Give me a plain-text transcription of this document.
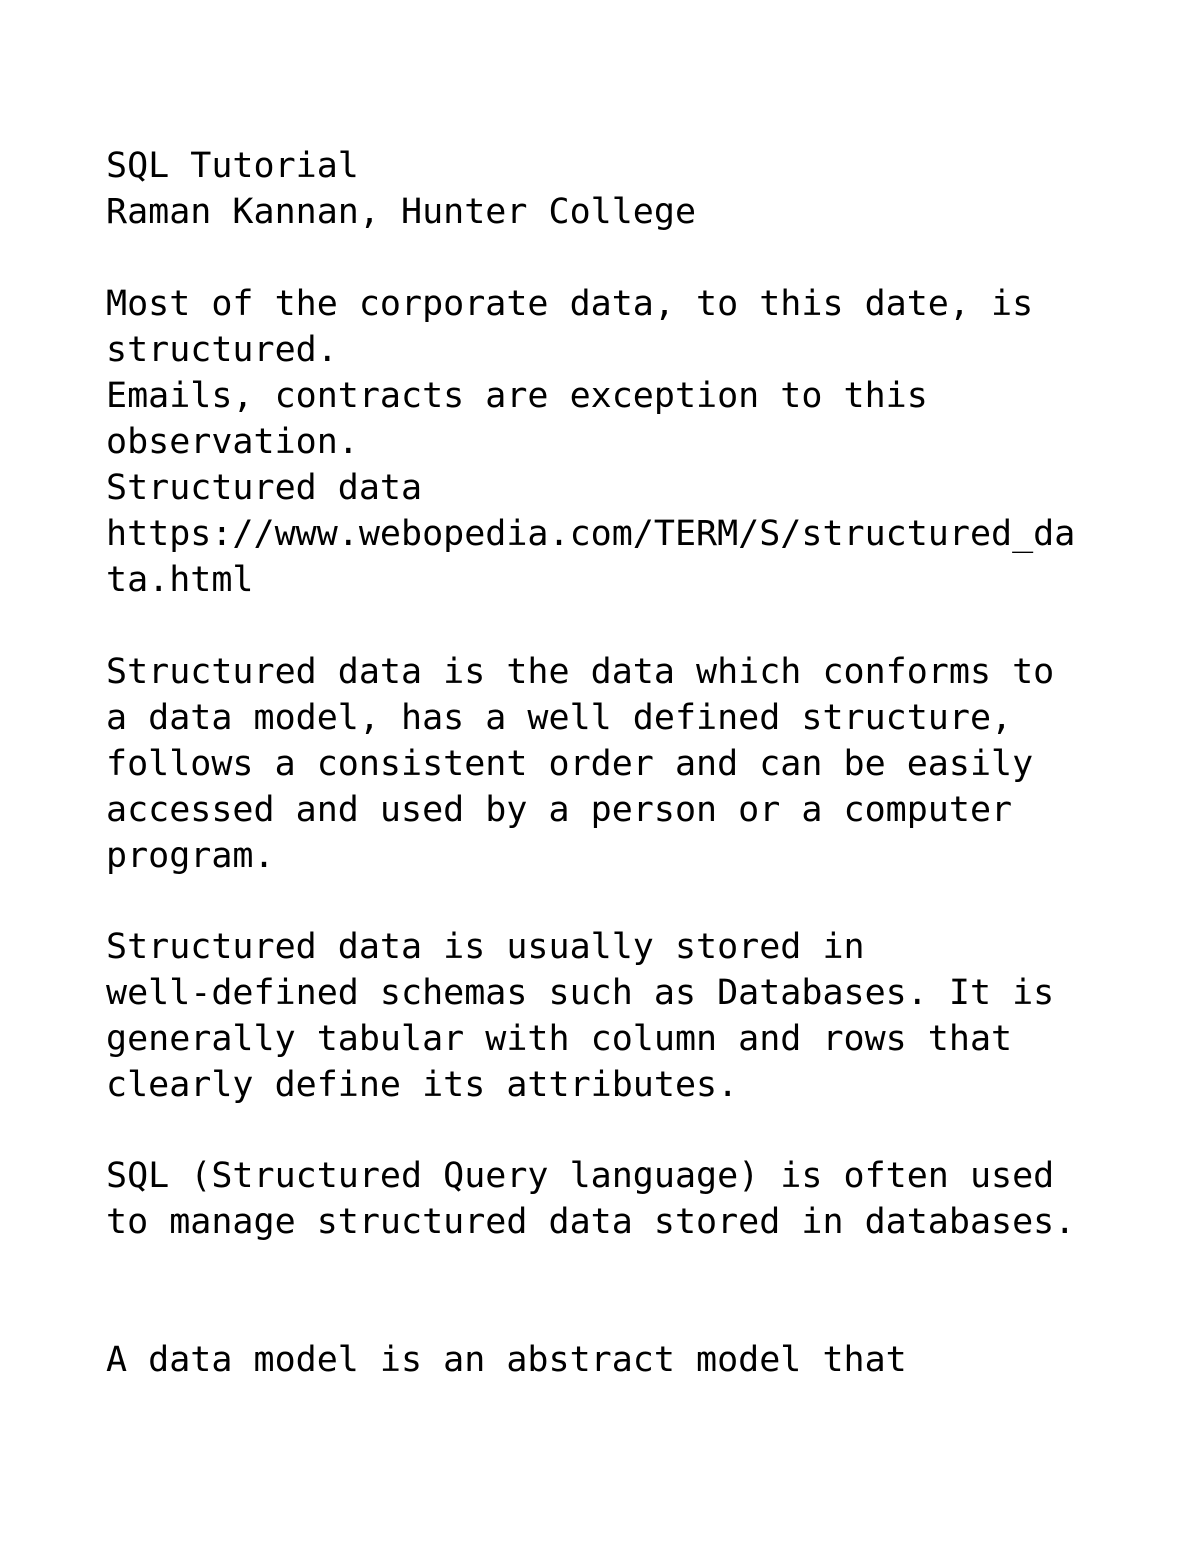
SQL Tutorial

Raman Kannan, Hunter College

Most of the corporate data, to this date, is

structured.

Emails, contracts are exception to this

observation.

Structured data

https://www.webopedia.com/TERM/S/structured_da

ta.html

Structured data is the data which conforms to

a data model, has a well defined structure,

follows a consistent order and can be easily

accessed and used by a person or a computer

program.

Structured data is usually stored in

well-defined schemas such as Databases. It is

generally tabular with column and rows that

clearly define its attributes.

SQL (Structured Query language) is often used

to manage structured data stored in databases.

A data model is an abstract model that
